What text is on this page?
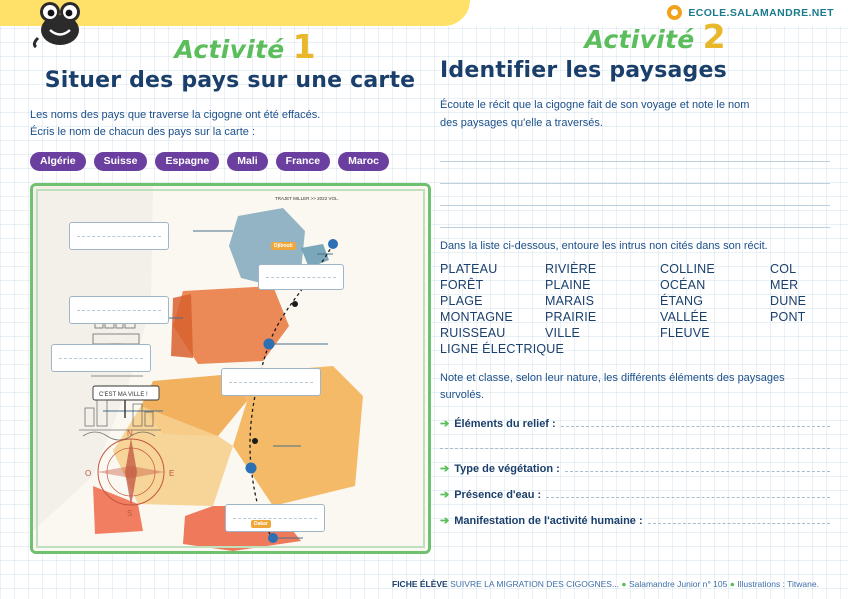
ECOLE.SALAMANDRE.NET
Activité 1
Situer des pays sur une carte
Les noms des pays que traverse la cigogne ont été effacés.
Écris le nom de chacun des pays sur la carte :
Algérie	Suisse	Espagne	Mali	France	Maroc
C'EST MA VILLE !
N
S
E
O
TRAJET MILLER >> 2022 VOL.
Djibouti
Dakar
Activité 2
Identifier les paysages
Écoute le récit que la cigogne fait de son voyage et note le nom
des paysages qu'elle a traversés.
Dans la liste ci-dessous, entoure les intrus non cités dans son récit.
PLATEAU	RIVIÈRE	COLLINE	COL
FORÊT	PLAINE	OCÉAN	MER
PLAGE	MARAIS	ÉTANG	DUNE
MONTAGNE	PRAIRIE	VALLÉE	PONT
RUISSEAU	VILLE	FLEUVE
LIGNE ÉLECTRIQUE
Note et classe, selon leur nature, les différents éléments des paysages
survolés.
➔ Éléments du relief :
➔ Type de végétation :
➔ Présence d'eau :
➔ Manifestation de l'activité humaine :
FICHE ÉLÈVE SUIVRE LA MIGRATION DES CIGOGNES... ● Salamandre Junior n° 105 ● Illustrations : Titwane.
